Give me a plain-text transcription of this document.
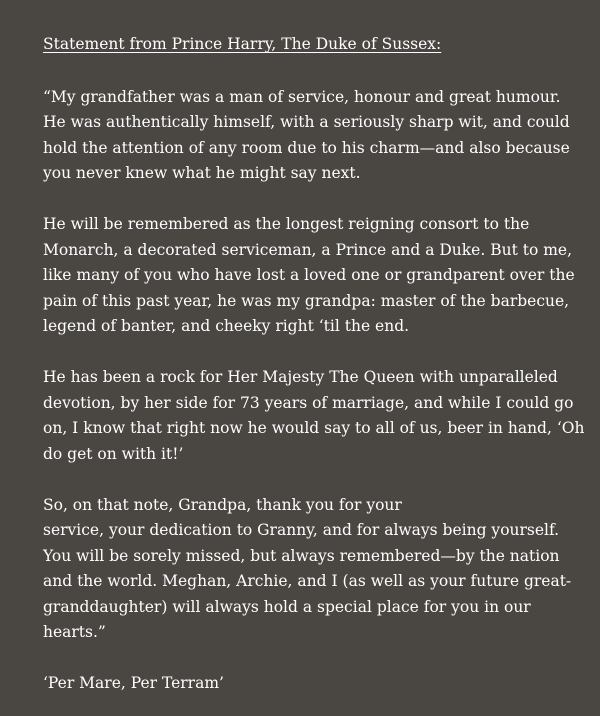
Statement from Prince Harry, The Duke of Sussex:

“My grandfather was a man of service, honour and great humour.
He was authentically himself, with a seriously sharp wit, and could
hold the attention of any room due to his charm—and also because
you never knew what he might say next.

He will be remembered as the longest reigning consort to the
Monarch, a decorated serviceman, a Prince and a Duke. But to me,
like many of you who have lost a loved one or grandparent over the
pain of this past year, he was my grandpa: master of the barbecue,
legend of banter, and cheeky right ‘til the end.

He has been a rock for Her Majesty The Queen with unparalleled
devotion, by her side for 73 years of marriage, and while I could go
on, I know that right now he would say to all of us, beer in hand, ‘Oh
do get on with it!’

So, on that note, Grandpa, thank you for your
service, your dedication to Granny, and for always being yourself.
You will be sorely missed, but always remembered—by the nation
and the world. Meghan, Archie, and I (as well as your future great-
granddaughter) will always hold a special place for you in our
hearts.”

‘Per Mare, Per Terram’
